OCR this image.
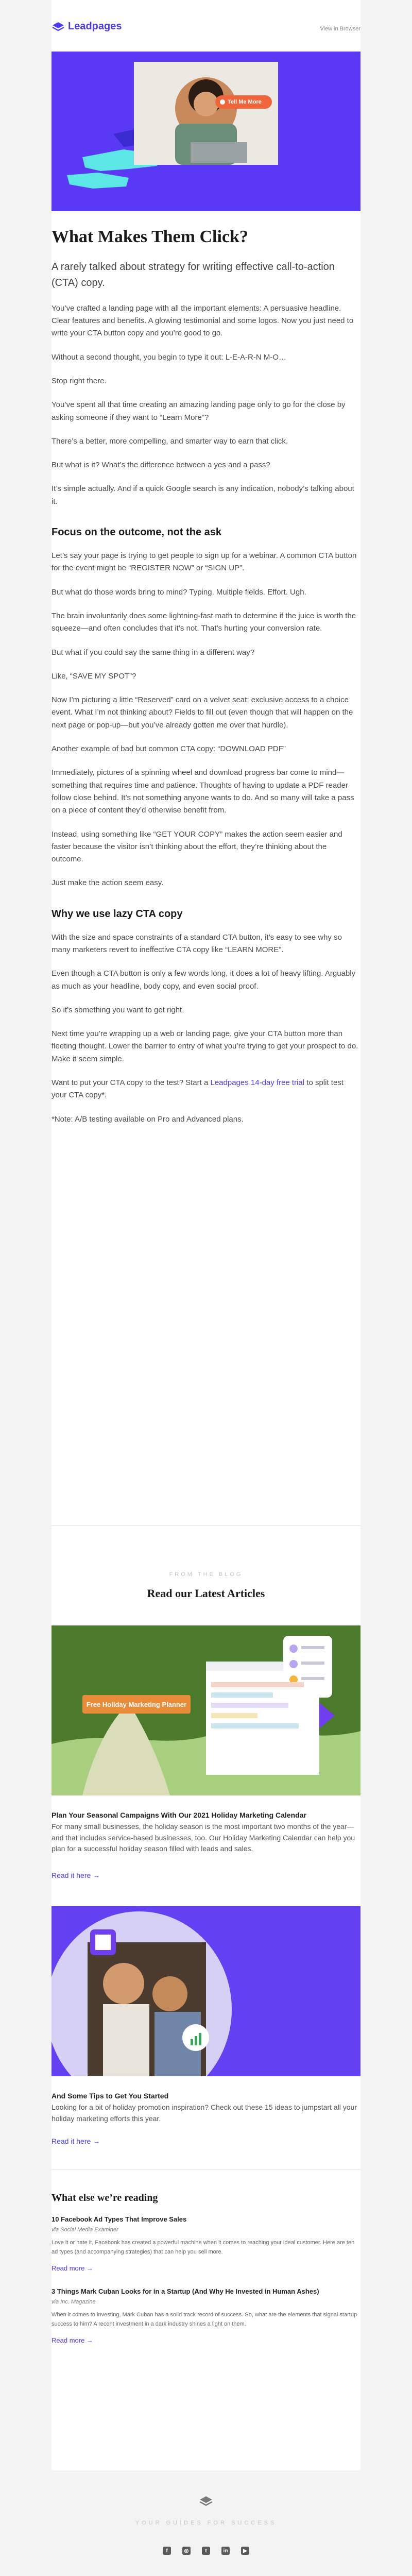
Leadpages	View in Browser
Tell Me More
What Makes Them Click?

A rarely talked about strategy for writing effective call-to-action (CTA) copy.

You’ve crafted a landing page with all the important elements: A persuasive headline. Clear features and benefits. A glowing testimonial and some logos. Now you just need to write your CTA button copy and you’re good to go.

Without a second thought, you begin to type it out: L-E-A-R-N M-O…

Stop right there.

You’ve spent all that time creating an amazing landing page only to go for the close by asking someone if they want to “Learn More”?

There’s a better, more compelling, and smarter way to earn that click.

But what is it? What’s the difference between a yes and a pass?

It’s simple actually. And if a quick Google search is any indication, nobody’s talking about it.

Focus on the outcome, not the ask

Let’s say your page is trying to get people to sign up for a webinar. A common CTA button for the event might be “REGISTER NOW” or “SIGN UP”.

But what do those words bring to mind? Typing. Multiple fields. Effort. Ugh.

The brain involuntarily does some lightning-fast math to determine if the juice is worth the squeeze—and often concludes that it’s not. That’s hurting your conversion rate.

But what if you could say the same thing in a different way?

Like, “SAVE MY SPOT”?

Now I’m picturing a little “Reserved” card on a velvet seat; exclusive access to a choice event. What I’m not thinking about? Fields to fill out (even though that will happen on the next page or pop-up—but you’ve already gotten me over that hurdle).

Another example of bad but common CTA copy: “DOWNLOAD PDF”

Immediately, pictures of a spinning wheel and download progress bar come to mind—something that requires time and patience. Thoughts of having to update a PDF reader follow close behind. It’s not something anyone wants to do. And so many will take a pass on a piece of content they’d otherwise benefit from.

Instead, using something like “GET YOUR COPY” makes the action seem easier and faster because the visitor isn’t thinking about the effort, they’re thinking about the outcome.

Just make the action seem easy.

Why we use lazy CTA copy

With the size and space constraints of a standard CTA button, it’s easy to see why so many marketers revert to ineffective CTA copy like “LEARN MORE”.

Even though a CTA button is only a few words long, it does a lot of heavy lifting. Arguably as much as your headline, body copy, and even social proof.

So it’s something you want to get right.

Next time you’re wrapping up a web or landing page, give your CTA button more than fleeting thought. Lower the barrier to entry of what you’re trying to get your prospect to do. Make it seem simple.

Want to put your CTA copy to the test? Start a Leadpages 14-day free trial to split test your CTA copy*.

*Note: A/B testing available on Pro and Advanced plans.

FROM THE BLOG
Read our Latest Articles
Free Holiday Marketing Planner
Plan Your Seasonal Campaigns With Our 2021 Holiday Marketing Calendar
For many small businesses, the holiday season is the most important two months of the year—and that includes service-based businesses, too. Our Holiday Marketing Calendar can help you plan for a successful holiday season filled with leads and sales.
Read it here →
And Some Tips to Get You Started
Looking for a bit of holiday promotion inspiration? Check out these 15 ideas to jumpstart all your holiday marketing efforts this year.
Read it here →
What else we’re reading
10 Facebook Ad Types That Improve Sales
via Social Media Examiner
Love it or hate it, Facebook has created a powerful machine when it comes to reaching your ideal customer. Here are ten ad types (and accompanying strategies) that can help you sell more.
Read more →
3 Things Mark Cuban Looks for in a Startup (And Why He Invested in Human Ashes)
via Inc. Magazine
When it comes to investing, Mark Cuban has a solid track record of success. So, what are the elements that signal startup success to him? A recent investment in a dark industry shines a light on them.
Read more →
YOUR GUIDES FOR SUCCESS
f	◎	t	in	▶
